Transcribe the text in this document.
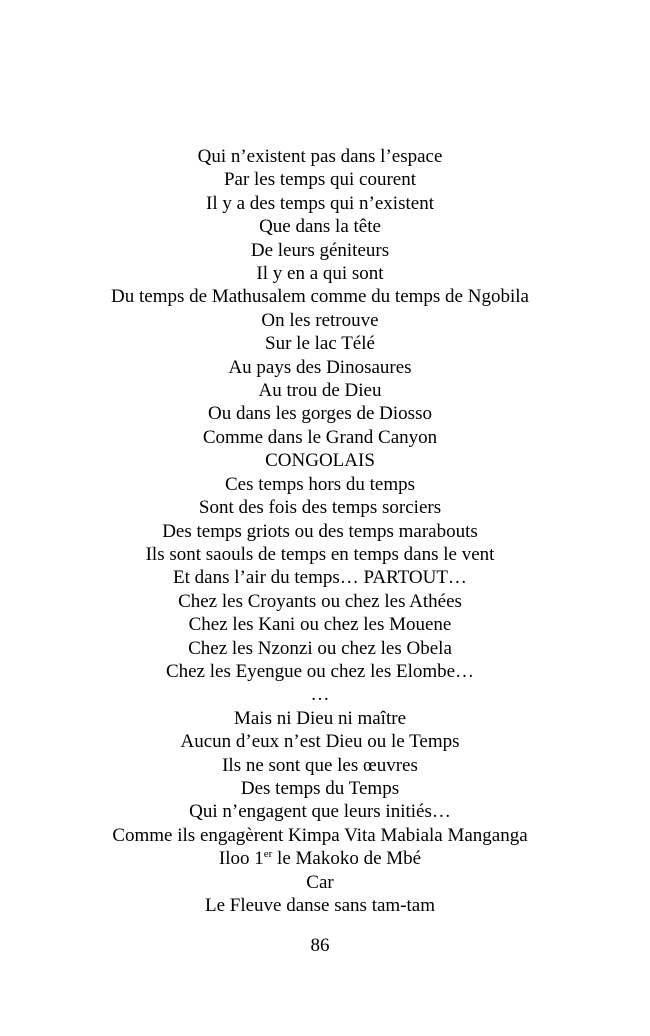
Qui n’existent pas dans l’espace
Par les temps qui courent
Il y a des temps qui n’existent
Que dans la tête
De leurs géniteurs
Il y en a qui sont
Du temps de Mathusalem comme du temps de Ngobila
On les retrouve
Sur le lac Télé
Au pays des Dinosaures
Au trou de Dieu
Ou dans les gorges de Diosso
Comme dans le Grand Canyon
CONGOLAIS
Ces temps hors du temps
Sont des fois des temps sorciers
Des temps griots ou des temps marabouts
Ils sont saouls de temps en temps dans le vent
Et dans l’air du temps… PARTOUT…
Chez les Croyants ou chez les Athées
Chez les Kani ou chez les Mouene
Chez les Nzonzi ou chez les Obela
Chez les Eyengue ou chez les Elombe…
…
Mais ni Dieu ni maître
Aucun d’eux n’est Dieu ou le Temps
Ils ne sont que les œuvres
Des temps du Temps
Qui n’engagent que leurs initiés…
Comme ils engagèrent Kimpa Vita Mabiala Manganga
Iloo 1er le Makoko de Mbé
Car
Le Fleuve danse sans tam-tam
86
